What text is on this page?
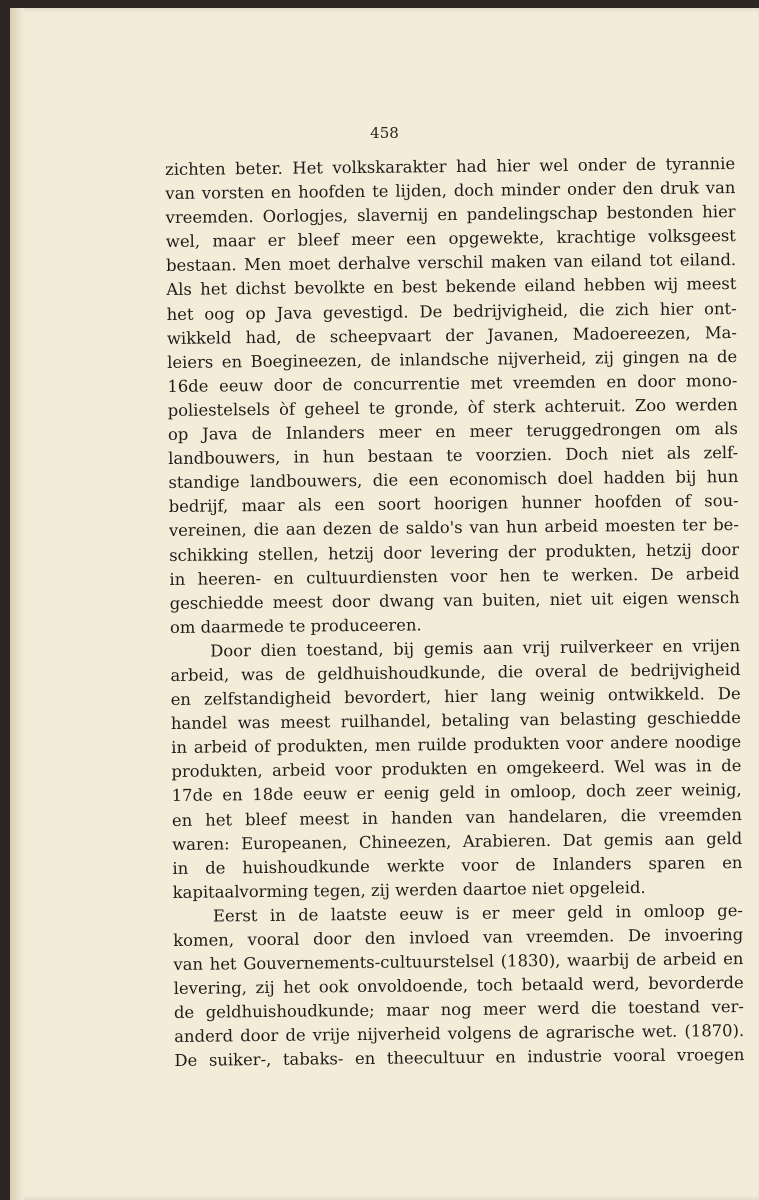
458
zichten beter. Het volkskarakter had hier wel onder de tyrannie
van vorsten en hoofden te lijden, doch minder onder den druk van
vreemden. Oorlogjes, slavernij en pandelingschap bestonden hier
wel, maar er bleef meer een opgewekte, krachtige volksgeest
bestaan. Men moet derhalve verschil maken van eiland tot eiland.
Als het dichst bevolkte en best bekende eiland hebben wij meest
het oog op Java gevestigd. De bedrijvigheid, die zich hier ont-
wikkeld had, de scheepvaart der Javanen, Madoereezen, Ma-
leiers en Boegineezen, de inlandsche nijverheid, zij gingen na de
16de eeuw door de concurrentie met vreemden en door mono-
poliestelsels òf geheel te gronde, òf sterk achteruit. Zoo werden
op Java de Inlanders meer en meer teruggedrongen om als
landbouwers, in hun bestaan te voorzien. Doch niet als zelf-
standige landbouwers, die een economisch doel hadden bij hun
bedrijf, maar als een soort hoorigen hunner hoofden of sou-
vereinen, die aan dezen de saldo's van hun arbeid moesten ter be-
schikking stellen, hetzij door levering der produkten, hetzij door
in heeren- en cultuurdiensten voor hen te werken. De arbeid
geschiedde meest door dwang van buiten, niet uit eigen wensch
om daarmede te produceeren.
Door dien toestand, bij gemis aan vrij ruilverkeer en vrijen
arbeid, was de geldhuishoudkunde, die overal de bedrijvigheid
en zelfstandigheid bevordert, hier lang weinig ontwikkeld. De
handel was meest ruilhandel, betaling van belasting geschiedde
in arbeid of produkten, men ruilde produkten voor andere noodige
produkten, arbeid voor produkten en omgekeerd. Wel was in de
17de en 18de eeuw er eenig geld in omloop, doch zeer weinig,
en het bleef meest in handen van handelaren, die vreemden
waren: Europeanen, Chineezen, Arabieren. Dat gemis aan geld
in de huishoudkunde werkte voor de Inlanders sparen en
kapitaalvorming tegen, zij werden daartoe niet opgeleid.
Eerst in de laatste eeuw is er meer geld in omloop ge-
komen, vooral door den invloed van vreemden. De invoering
van het Gouvernements-cultuurstelsel (1830), waarbij de arbeid en
levering, zij het ook onvoldoende, toch betaald werd, bevorderde
de geldhuishoudkunde; maar nog meer werd die toestand ver-
anderd door de vrije nijverheid volgens de agrarische wet. (1870).
De suiker-, tabaks- en theecultuur en industrie vooral vroegen
